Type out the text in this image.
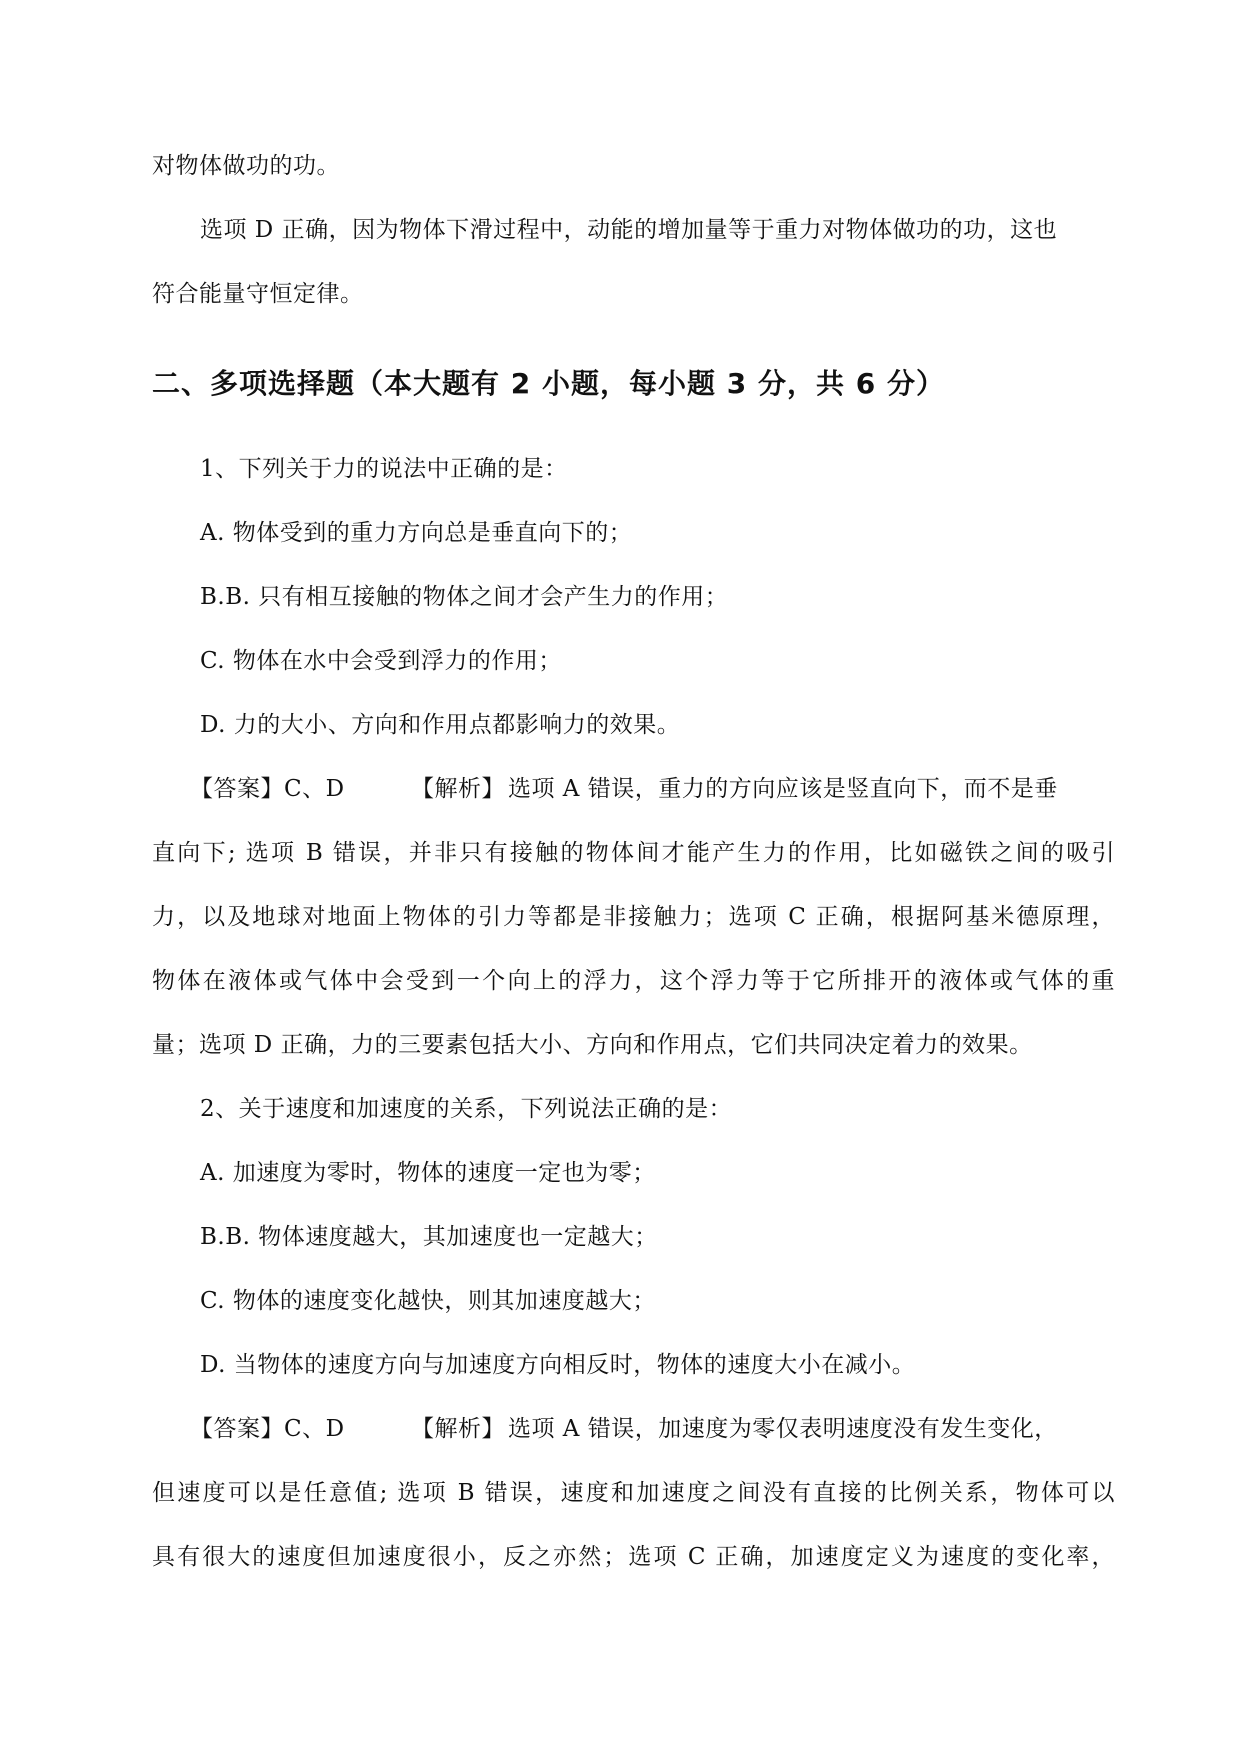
对物体做功的功。
选项 D 正确，因为物体下滑过程中，动能的增加量等于重力对物体做功的功，这也
符合能量守恒定律。
二、多项选择题（本大题有 2 小题，每小题 3 分，共 6 分）
1、下列关于力的说法中正确的是：
A. 物体受到的重力方向总是垂直向下的；
B.B. 只有相互接触的物体之间才会产生力的作用；
C. 物体在水中会受到浮力的作用；
D. 力的大小、方向和作用点都影响力的效果。
【答案】C、D	【解析】 选项 A 错误，重力的方向应该是竖直向下，而不是垂
直向下; 选项 B 错误，并非只有接触的物体间才能产生力的作用，比如磁铁之间的吸引
力，以及地球对地面上物体的引力等都是非接触力；选项 C 正确，根据阿基米德原理，
物体在液体或气体中会受到一个向上的浮力，这个浮力等于它所排开的液体或气体的重
量；选项 D 正确，力的三要素包括大小、方向和作用点，它们共同决定着力的效果。
2、关于速度和加速度的关系，下列说法正确的是：
A. 加速度为零时，物体的速度一定也为零；
B.B. 物体速度越大，其加速度也一定越大；
C. 物体的速度变化越快，则其加速度越大；
D. 当物体的速度方向与加速度方向相反时，物体的速度大小在减小。
【答案】C、D	【解析】 选项 A 错误，加速度为零仅表明速度没有发生变化，
但速度可以是任意值; 选项 B 错误，速度和加速度之间没有直接的比例关系，物体可以
具有很大的速度但加速度很小，反之亦然；选项 C 正确，加速度定义为速度的变化率，
